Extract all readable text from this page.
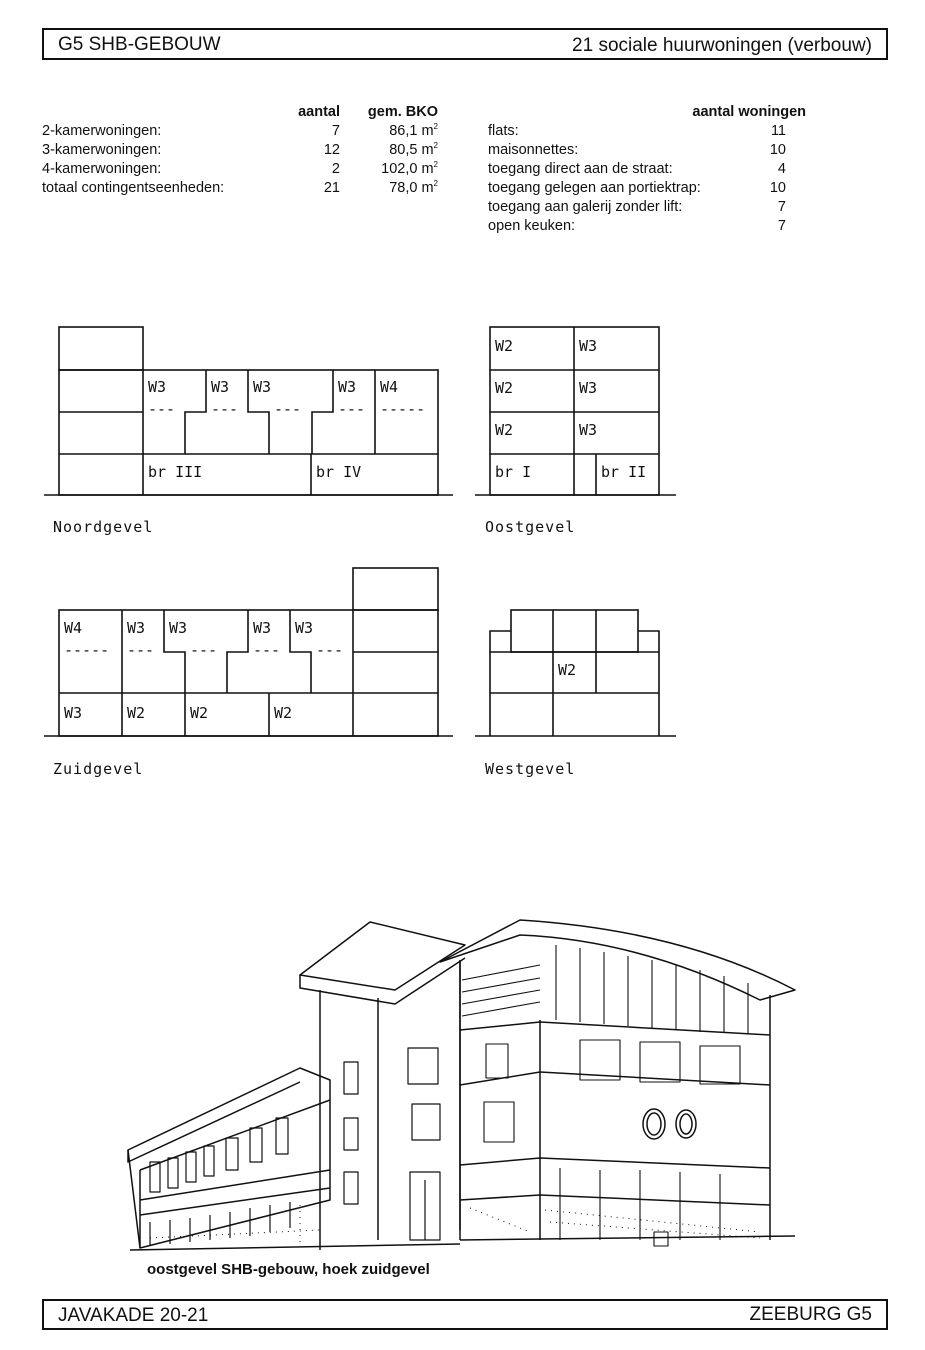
G5 SHB-GEBOUW	21 sociale huurwoningen (verbouw)
aantal gem. BKO
2-kamerwoningen:	7	86,1 $m^2$
3-kamerwoningen:	12	80,5 $m^2$
4-kamerwoningen:	2	102,0 $m^2$
totaal contingentseenheden:	21	78,0 $m^2$
aantal woningen
flats:	11
maisonnettes:	10
toegang direct aan de straat:	4
toegang gelegen aan portiektrap:	10
toegang aan galerij zonder lift:	7
open keuken:	7
W3	W3 W3	W3 W4
--- --- --- --- -----
br III	br IV
W2	W3
W2	W3
W2	W3
br I	br II
W4	W3 W3	W3 W3
----- --- --- --- ---
W3	W2	W2	W2
W2
Noordgevel	Oostgevel
Zuidgevel	Westgevel
oostgevel SHB-gebouw, hoek zuidgevel
JAVAKADE 20-21	ZEEBURG G5
